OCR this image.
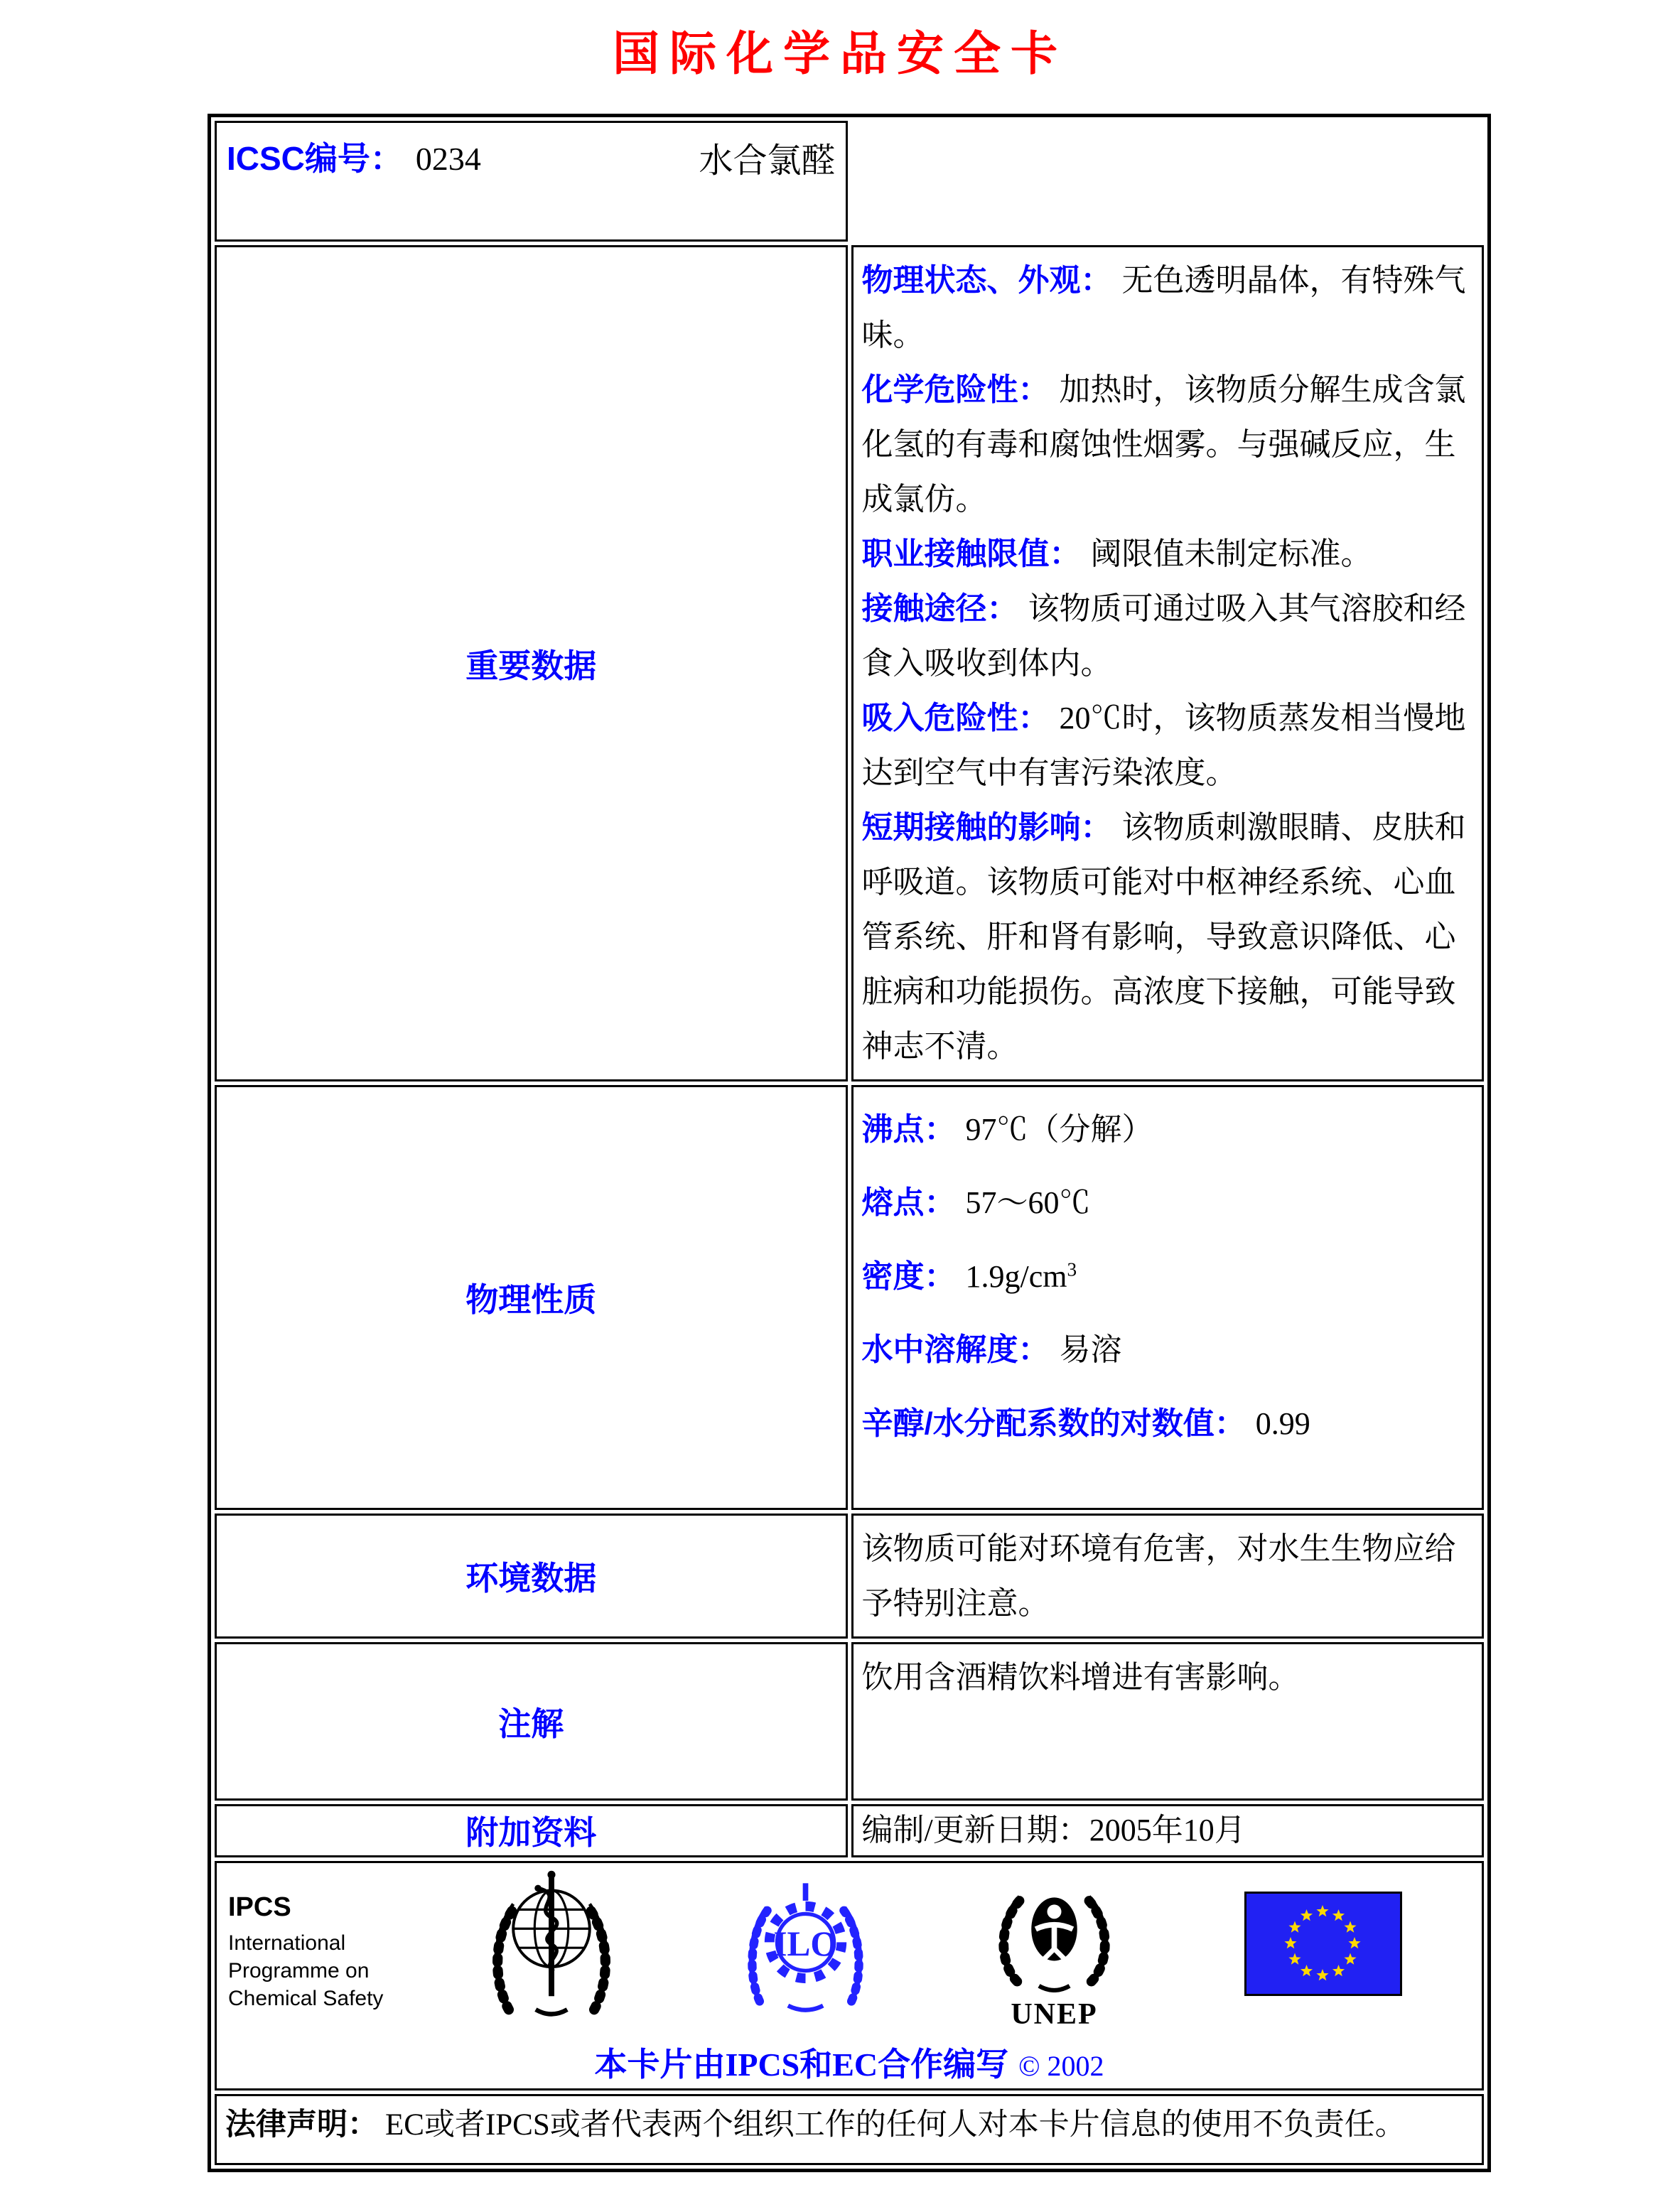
国际化学品安全卡
ICSC编号： 0234	水合氯醛

重要数据	
物理状态、外观： 无色透明晶体，有特殊气味。
化学危险性： 加热时，该物质分解生成含氯化氢的有毒和腐蚀性烟雾。与强碱反应，生成氯仿。
职业接触限值： 阈限值未制定标准。
接触途径： 该物质可通过吸入其气溶胶和经食入吸收到体内。
吸入危险性： 20℃时，该物质蒸发相当慢地达到空气中有害污染浓度。
短期接触的影响： 该物质刺激眼睛、皮肤和呼吸道。该物质可能对中枢神经系统、心血管系统、肝和肾有影响，导致意识降低、心脏病和功能损伤。高浓度下接触，可能导致神志不清。

物理性质	沸点： 97℃（分解）
熔点： 57～60℃
密度： $1.9g/cm^3$
水中溶解度： 易溶
辛醇/水分配系数的对数值： 0.99

环境数据	该物质可能对环境有危害，对水生生物应给予特别注意。

注解	饮用含酒精饮料增进有害影响。

附加资料	编制/更新日期：2005年10月

IPCS
International
Programme on
Chemical Safety
ILO
UNEP
本卡片由IPCS和EC合作编写 © 2002

法律声明： EC或者IPCS或者代表两个组织工作的任何人对本卡片信息的使用不负责任。	
